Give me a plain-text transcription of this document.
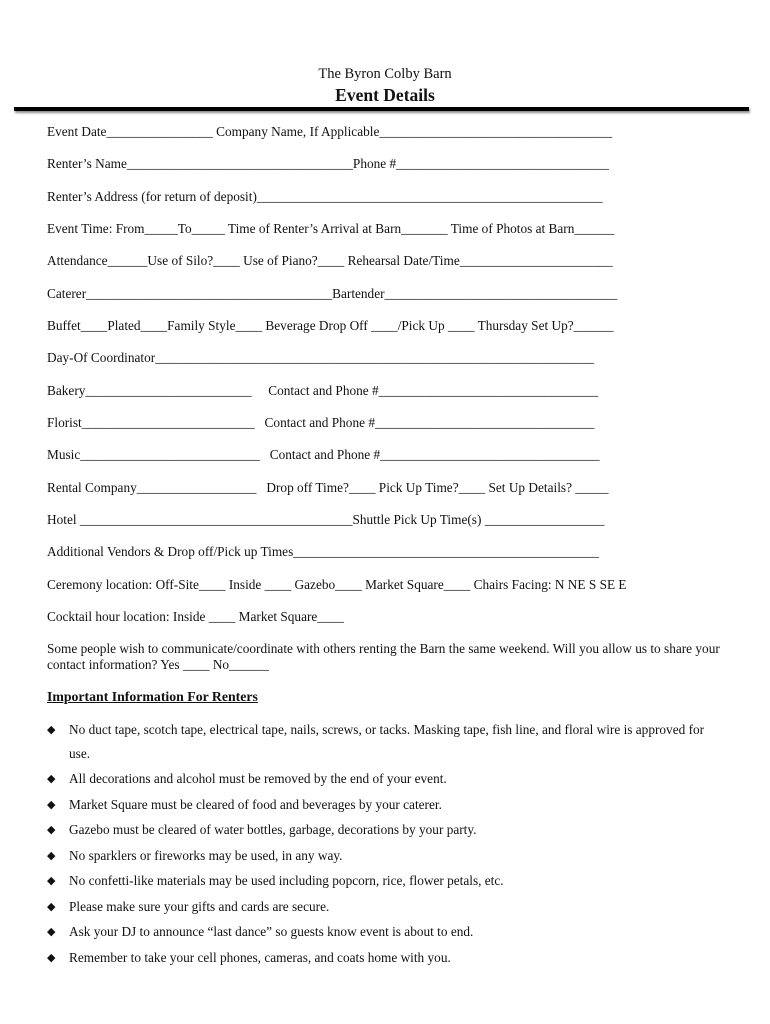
The Byron Colby Barn
Event Details
Event Date________________ Company Name, If Applicable___________________________________
Renter’s Name__________________________________Phone #________________________________
Renter’s Address (for return of deposit)____________________________________________________
Event Time: From_____To_____ Time of Renter’s Arrival at Barn_______ Time of Photos at Barn______
Attendance______Use of Silo?____ Use of Piano?____ Rehearsal Date/Time_______________________
Caterer_____________________________________Bartender___________________________________
Buffet____Plated____Family Style____ Beverage Drop Off ____/Pick Up ____ Thursday Set Up?______
Day-Of Coordinator__________________________________________________________________
Bakery_________________________     Contact and Phone #_________________________________
Florist__________________________   Contact and Phone #_________________________________
Music___________________________   Contact and Phone #_________________________________
Rental Company__________________   Drop off Time?____ Pick Up Time?____ Set Up Details? _____
Hotel _________________________________________Shuttle Pick Up Time(s) __________________
Additional Vendors & Drop off/Pick up Times______________________________________________
Ceremony location: Off-Site____ Inside ____ Gazebo____ Market Square____ Chairs Facing: N NE S SE E
Cocktail hour location: Inside ____ Market Square____
Some people wish to communicate/coordinate with others renting the Barn the same weekend. Will you allow us to share your contact information? Yes ____ No______
Important Information For Renters
◆ No duct tape, scotch tape, electrical tape, nails, screws, or tacks. Masking tape, fish line, and floral wire is approved for use.
◆ All decorations and alcohol must be removed by the end of your event.
◆ Market Square must be cleared of food and beverages by your caterer.
◆ Gazebo must be cleared of water bottles, garbage, decorations by your party.
◆ No sparklers or fireworks may be used, in any way.
◆ No confetti-like materials may be used including popcorn, rice, flower petals, etc.
◆ Please make sure your gifts and cards are secure.
◆ Ask your DJ to announce “last dance” so guests know event is about to end.
◆ Remember to take your cell phones, cameras, and coats home with you.
